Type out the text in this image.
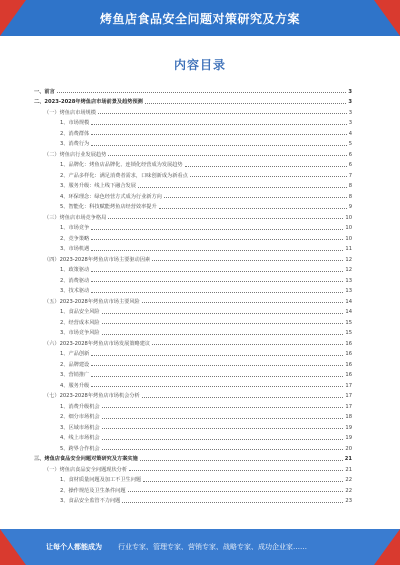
烤鱼店食品安全问题对策研究及方案
内容目录
一、前言	3
二、2023-2028年烤鱼店市场前景及趋势预测	3
（一）烤鱼店市场规模	3
1、市场规模	3
2、消费群体	4
3、消费行为	5
（二）烤鱼店行业发展趋势	6
1、品牌化：烤鱼店品牌化、连锁化经营成为发展趋势	6
2、产品多样化：满足消费者需求，口味创新成为新看点	7
3、服务升级：线上线下融合发展	8
4、环保理念：绿色经营方式成为行业新方向	8
5、智能化：科技赋能烤鱼店经营效率提升	9
（三）烤鱼店市场竞争格局	10
1、市场竞争	10
2、竞争策略	10
3、市场机遇	11
（四）2023-2028年烤鱼店市场主要驱动因素	12
1、政策驱动	12
2、消费驱动	13
3、技术驱动	13
（五）2023-2028年烤鱼店市场主要风险	14
1、食品安全风险	14
2、经营成本风险	15
3、市场竞争风险	15
（六）2023-2028年烤鱼店市场发展策略建议	16
1、产品创新	16
2、品牌建设	16
3、营销推广	16
4、服务升级	17
（七）2023-2028年烤鱼店市场机会分析	17
1、消费升级机会	17
2、细分市场机会	18
3、区域市场机会	19
4、线上市场机会	19
5、跨界合作机会	20
三、烤鱼店食品安全问题对策研究及方案实施	21
（一）烤鱼店食品安全问题现状分析	21
1、食材质量问题及加工不卫生问题	22
2、操作规范及卫生条件问题	22
3、食品安全监管不力问题	23
让每个人都能成为 行业专家、管理专家、营销专家、战略专家、成功企业家……
